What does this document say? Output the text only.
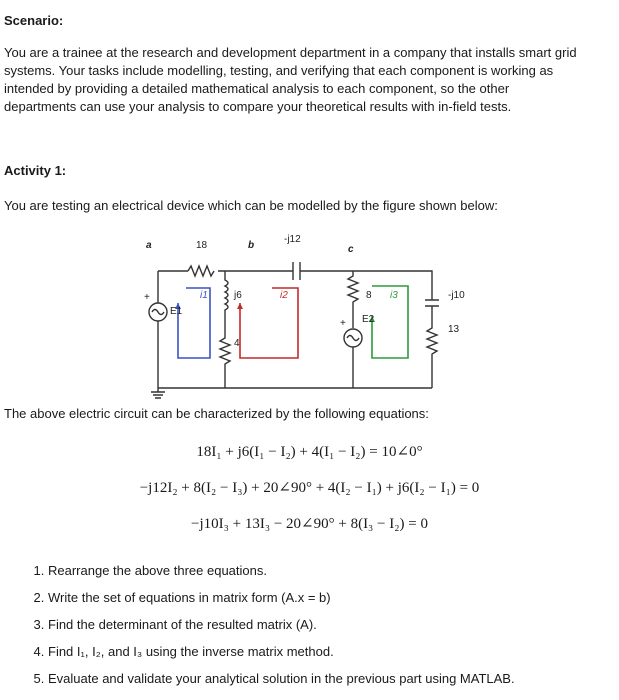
Scenario:
You are a trainee at the research and development department in a company that installs smart grid
systems. Your tasks include modelling, testing, and verifying that each component is working as
intended by providing a detailed mathematical analysis to each component, so the other
departments can use your analysis to compare your theoretical results with in-field tests.
Activity 1:
You are testing an electrical device which can be modelled by the figure shown below:
a	b	c
18
-j12
j6
4
8	-j10
13
E1
E2
+
+
i1	i2	i3
The above electric circuit can be characterized by the following equations:
18I₁ + j6(I₁ − I₂) + 4(I₁ − I₂) = 10∠0°
−j12I₂ + 8(I₂ − I₃) + 20∠90° + 4(I₂ − I₁) + j6(I₂ − I₁) = 0
−j10I₃ + 13I₃ − 20∠90° + 8(I₃ − I₂) = 0
1. Rearrange the above three equations.
2. Write the set of equations in matrix form (A.x = b)
3. Find the determinant of the resulted matrix (A).
4. Find I₁, I₂, and I₃ using the inverse matrix method.
5. Evaluate and validate your analytical solution in the previous part using MATLAB.
